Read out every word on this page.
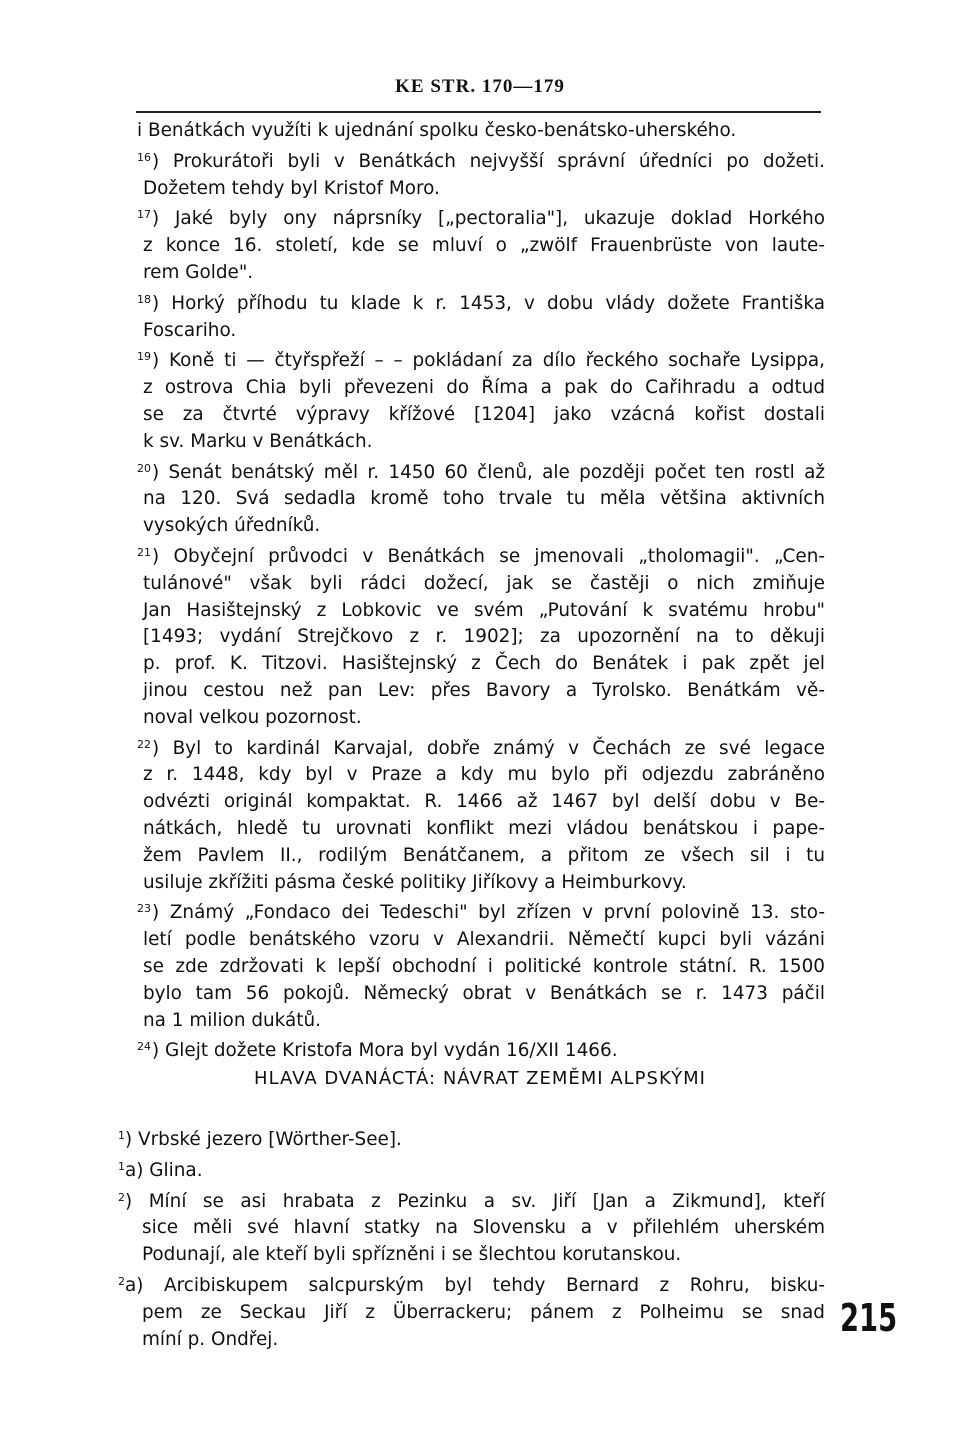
KE STR. 170—179
i Benátkách využíti k ujednání spolku česko-benátsko-uherského.
$^{16}$) Prokurátoři byli v Benátkách nejvyšší správní úředníci po dožeti.
Dožetem tehdy byl Kristof Moro.
$^{17}$) Jaké byly ony náprsníky [„pectoralia"], ukazuje doklad Horkého
z konce 16. století, kde se mluví o „zwölf Frauenbrüste von laute-
rem Golde".
$^{18}$) Horký příhodu tu klade k r. 1453, v dobu vlády dožete Františka
Foscariho.
$^{19}$) Koně ti — čtyřspřeží – – pokládaní za dílo řeckého sochaře Lysippa,
z ostrova Chia byli převezeni do Říma a pak do Cařihradu a odtud
se za čtvrté výpravy křížové [1204] jako vzácná kořist dostali
k sv. Marku v Benátkách.
$^{20}$) Senát benátský měl r. 1450 60 členů, ale později počet ten rostl až
na 120. Svá sedadla kromě toho trvale tu měla většina aktivních
vysokých úředníků.
$^{21}$) Obyčejní průvodci v Benátkách se jmenovali „tholomagii". „Cen-
tulánové" však byli rádci dožecí, jak se častěji o nich zmiňuje
Jan Hasištejnský z Lobkovic ve svém „Putování k svatému hrobu"
[1493; vydání Strejčkovo z r. 1902]; za upozornění na to děkuji
p. prof. K. Titzovi. Hasištejnský z Čech do Benátek i pak zpět jel
jinou cestou než pan Lev: přes Bavory a Tyrolsko. Benátkám vě-
noval velkou pozornost.
$^{22}$) Byl to kardinál Karvajal, dobře známý v Čechách ze své legace
z r. 1448, kdy byl v Praze a kdy mu bylo při odjezdu zabráněno
odvézti originál kompaktat. R. 1466 až 1467 byl delší dobu v Be-
nátkách, hledě tu urovnati konflikt mezi vládou benátskou i pape-
žem Pavlem II., rodilým Benátčanem, a přitom ze všech sil i tu
usiluje zkřížiti pásma české politiky Jiříkovy a Heimburkovy.
$^{23}$) Známý „Fondaco dei Tedeschi" byl zřízen v první polovině 13. sto-
letí podle benátského vzoru v Alexandrii. Němečtí kupci byli vázáni
se zde zdržovati k lepší obchodní i politické kontrole státní. R. 1500
bylo tam 56 pokojů. Německý obrat v Benátkách se r. 1473 páčil
na 1 milion dukátů.
$^{24}$) Glejt dožete Kristofa Mora byl vydán 16/XII 1466.
HLAVA DVANÁCTÁ: NÁVRAT ZEMĚMI ALPSKÝMI
$^1$) Vrbské jezero [Wörther-See].
$^1$a) Glina.
$^2$) Míní se asi hrabata z Pezinku a sv. Jiří [Jan a Zikmund], kteří
sice měli své hlavní statky na Slovensku a v přilehlém uherském
Podunají, ale kteří byli spřízněni i se šlechtou korutanskou.
$^2$a) Arcibiskupem salcpurským byl tehdy Bernard z Rohru, bisku-
pem ze Seckau Jiří z Überrackeru; pánem z Polheimu se snad
míní p. Ondřej.	215
